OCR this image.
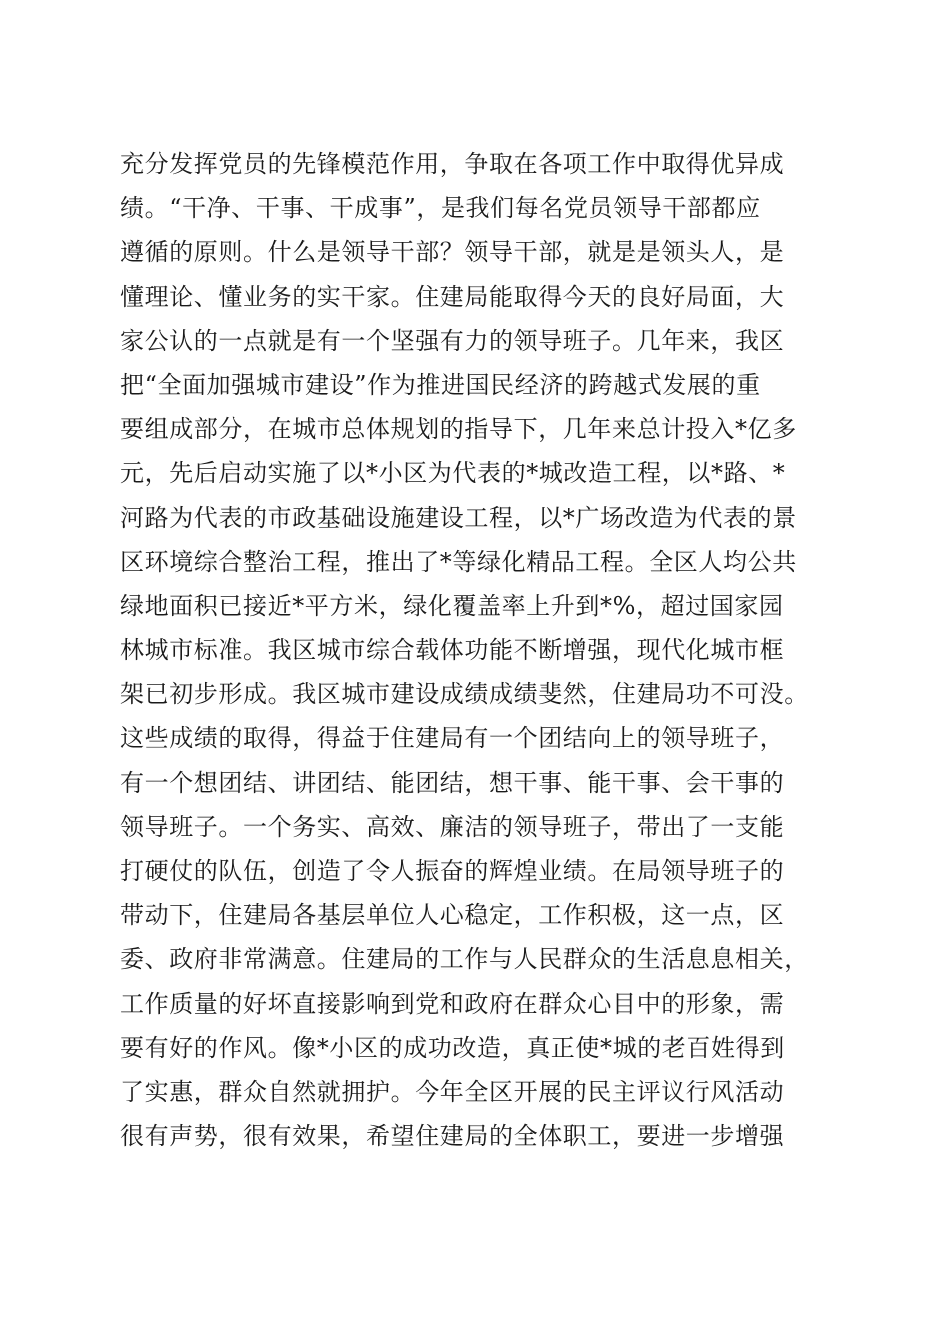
充分发挥党员的先锋模范作用，争取在各项工作中取得优异成
绩。“干净、干事、干成事”，是我们每名党员领导干部都应
遵循的原则。什么是领导干部？领导干部，就是是领头人，是
懂理论、懂业务的实干家。住建局能取得今天的良好局面，大
家公认的一点就是有一个坚强有力的领导班子。几年来，我区
把“全面加强城市建设”作为推进国民经济的跨越式发展的重
要组成部分，在城市总体规划的指导下，几年来总计投入*亿多
元，先后启动实施了以*小区为代表的*城改造工程，以*路、*
河路为代表的市政基础设施建设工程，以*广场改造为代表的景
区环境综合整治工程，推出了*等绿化精品工程。全区人均公共
绿地面积已接近*平方米，绿化覆盖率上升到*%，超过国家园
林城市标准。我区城市综合载体功能不断增强，现代化城市框
架已初步形成。我区城市建设成绩成绩斐然，住建局功不可没。
这些成绩的取得，得益于住建局有一个团结向上的领导班子，
有一个想团结、讲团结、能团结，想干事、能干事、会干事的
领导班子。一个务实、高效、廉洁的领导班子，带出了一支能
打硬仗的队伍，创造了令人振奋的辉煌业绩。在局领导班子的
带动下，住建局各基层单位人心稳定，工作积极，这一点，区
委、政府非常满意。住建局的工作与人民群众的生活息息相关，
工作质量的好坏直接影响到党和政府在群众心目中的形象，需
要有好的作风。像*小区的成功改造，真正使*城的老百姓得到
了实惠，群众自然就拥护。今年全区开展的民主评议行风活动
很有声势，很有效果，希望住建局的全体职工，要进一步增强
